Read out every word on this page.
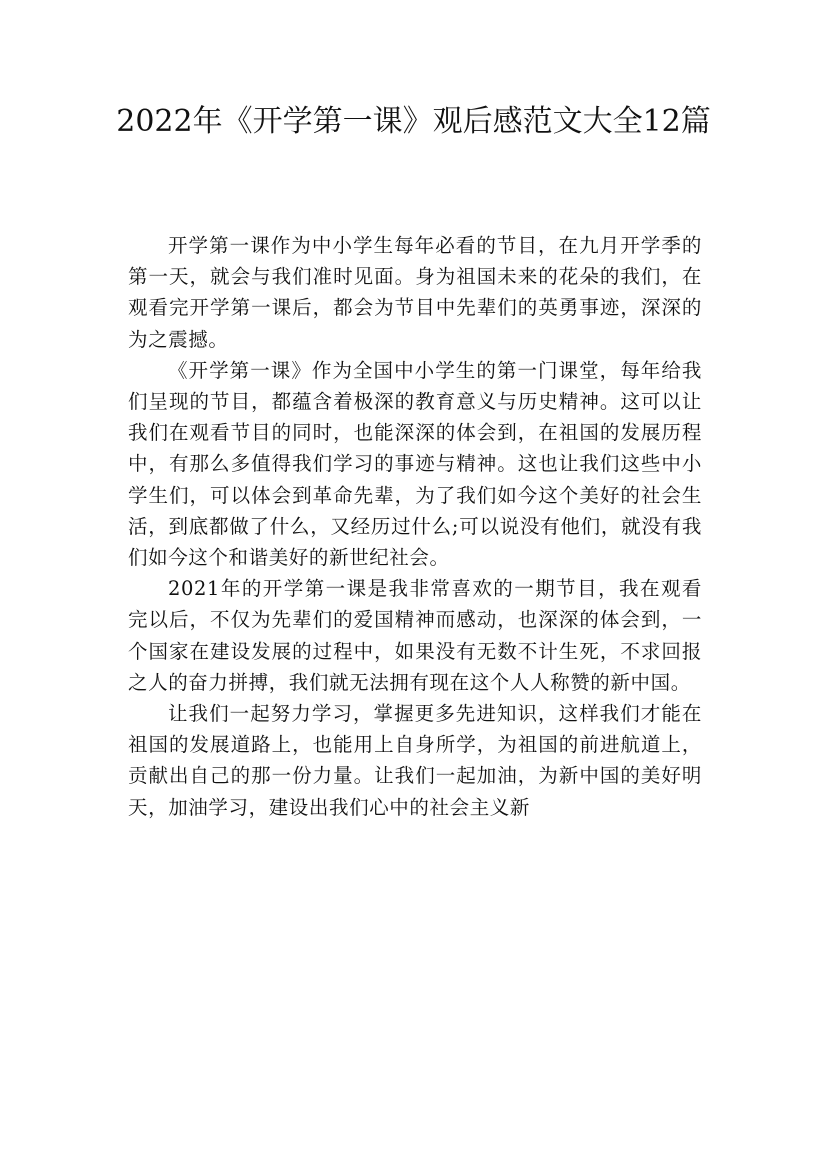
2022年《开学第一课》观后感范文大全12篇

开学第一课作为中小学生每年必看的节目，在九月开学季的第一天，就会与我们准时见面。身为祖国未来的花朵的我们，在观看完开学第一课后，都会为节目中先辈们的英勇事迹，深深的为之震撼。

《开学第一课》作为全国中小学生的第一门课堂，每年给我们呈现的节目，都蕴含着极深的教育意义与历史精神。这可以让我们在观看节目的同时，也能深深的体会到，在祖国的发展历程中，有那么多值得我们学习的事迹与精神。这也让我们这些中小学生们，可以体会到革命先辈，为了我们如今这个美好的社会生活，到底都做了什么，又经历过什么;可以说没有他们，就没有我们如今这个和谐美好的新世纪社会。

2021年的开学第一课是我非常喜欢的一期节目，我在观看完以后，不仅为先辈们的爱国精神而感动，也深深的体会到，一个国家在建设发展的过程中，如果没有无数不计生死，不求回报之人的奋力拼搏，我们就无法拥有现在这个人人称赞的新中国。

让我们一起努力学习，掌握更多先进知识，这样我们才能在祖国的发展道路上，也能用上自身所学，为祖国的前进航道上，贡献出自己的那一份力量。让我们一起加油，为新中国的美好明天，加油学习，建设出我们心中的社会主义新
